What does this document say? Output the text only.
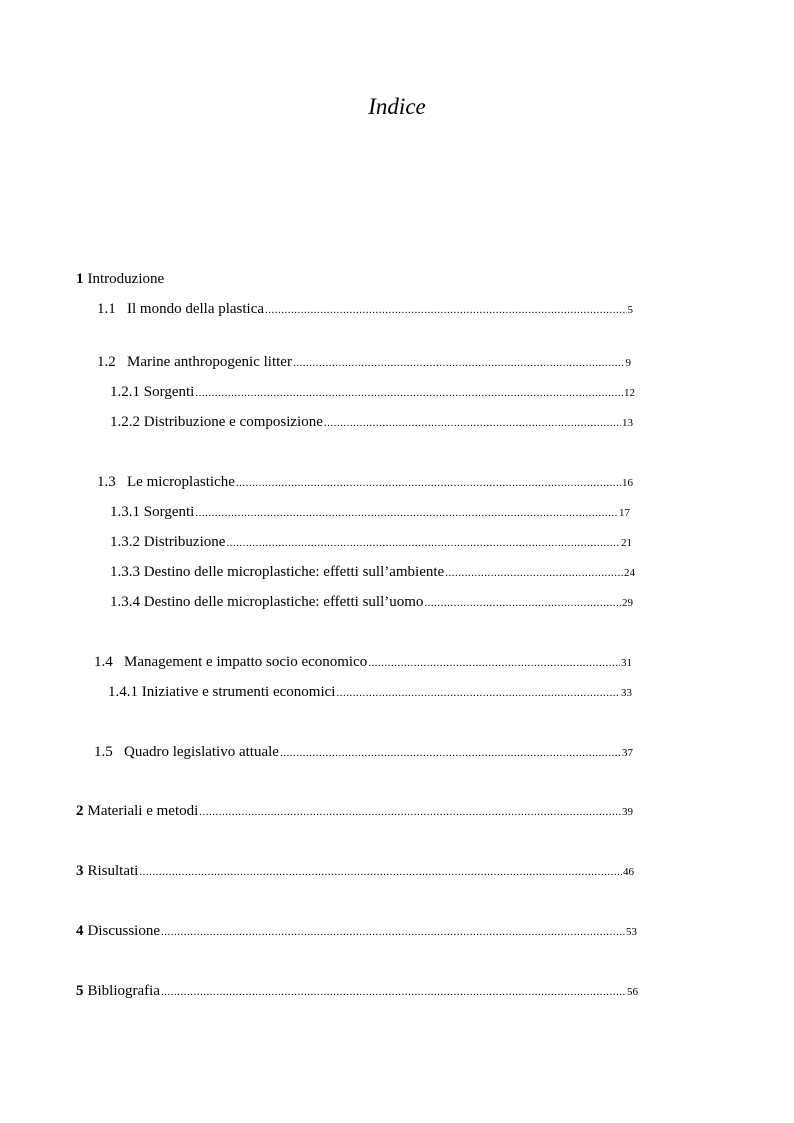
Indice
1 Introduzione
1.1   Il mondo della plastica .....	5
1.2   Marine anthropogenic litter .....	9
1.2.1 Sorgenti .....	12
1.2.2 Distribuzione e composizione .....	13
1.3   Le microplastiche .....	16
1.3.1 Sorgenti .....	17
1.3.2 Distribuzione .....	21
1.3.3 Destino delle microplastiche: effetti sull’ambiente .....	24
1.3.4 Destino delle microplastiche: effetti sull’uomo .....	29
1.4   Management e impatto socio economico .....	31
1.4.1 Iniziative e strumenti economici .....	33
1.5   Quadro legislativo attuale .....	37
2 Materiali e metodi .....	39
3 Risultati .....	46
4 Discussione .....	53
5 Bibliografia .....	56
